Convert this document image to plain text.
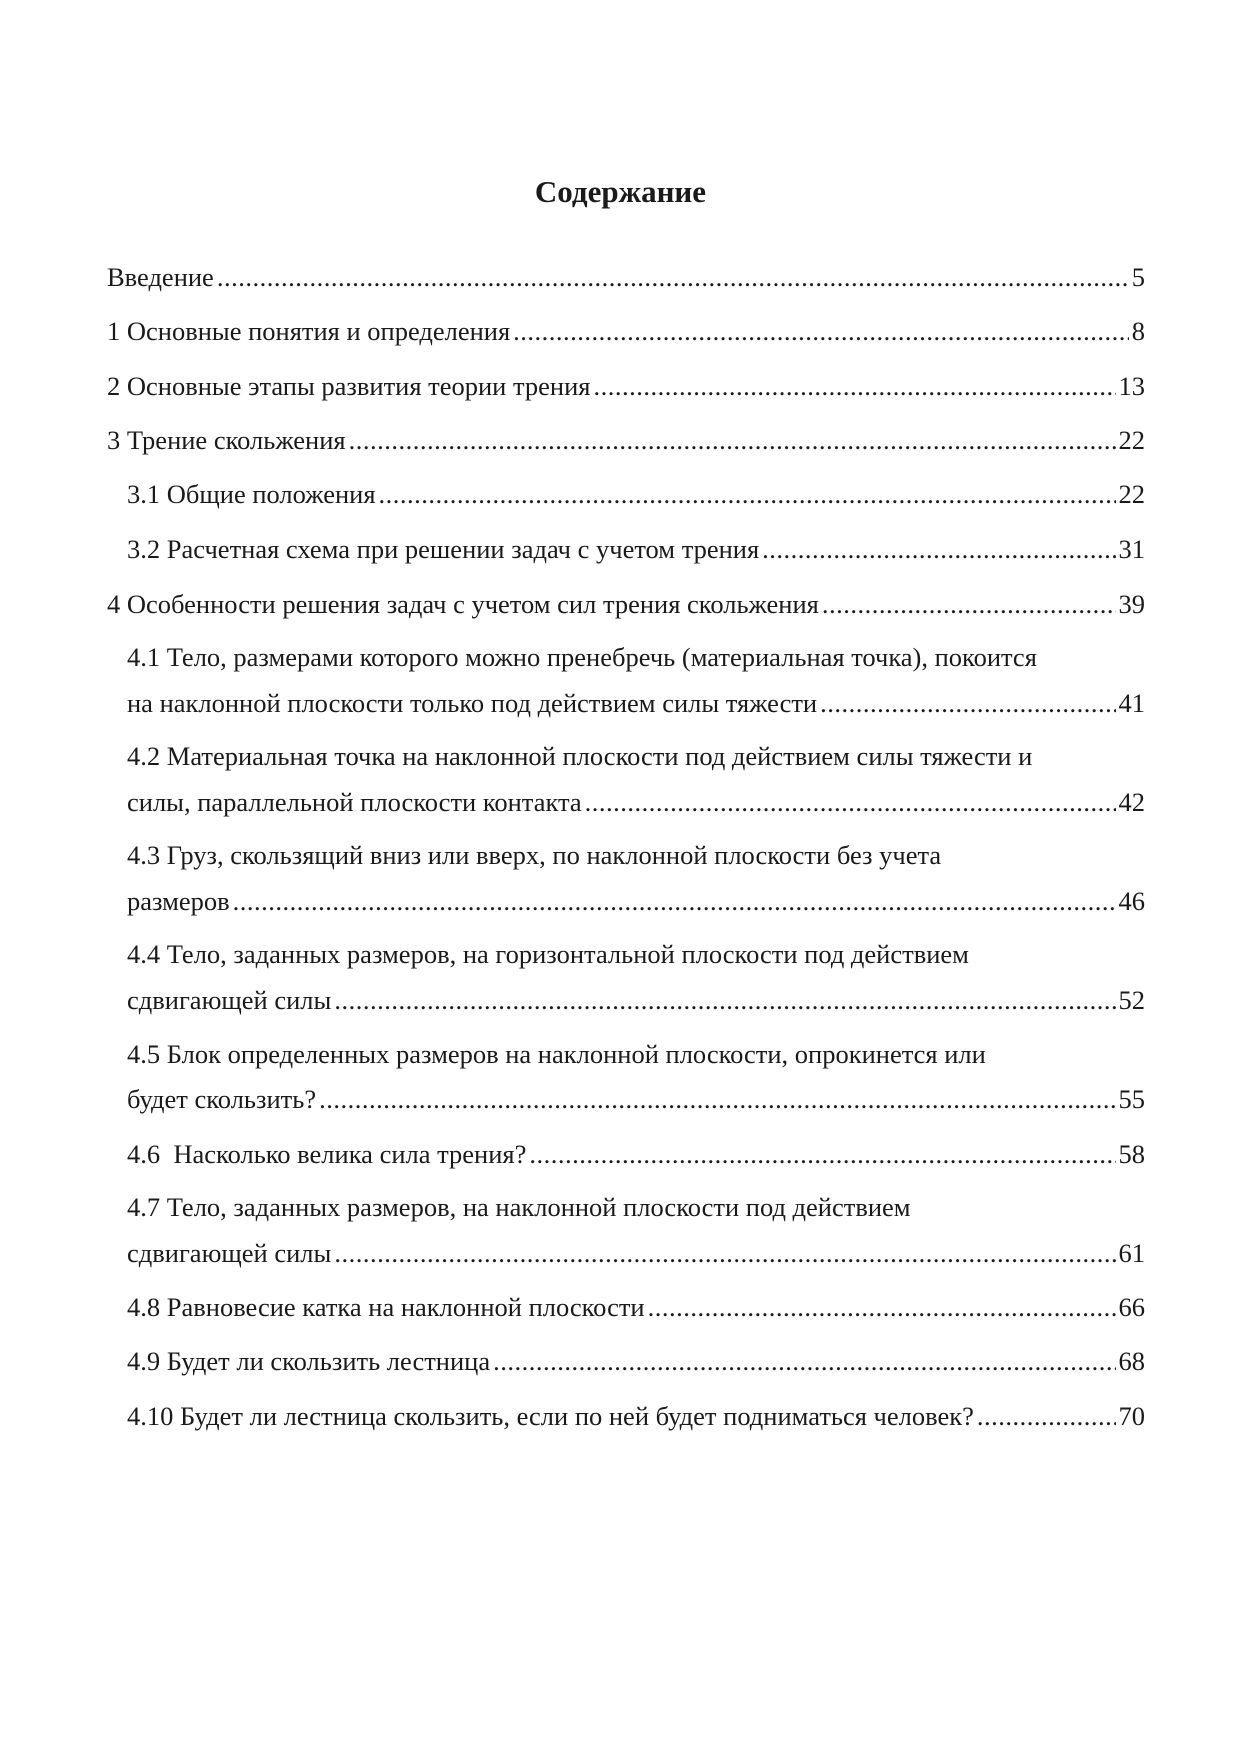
Содержание
Введение .....	5
1 Основные понятия и определения .....	8
2 Основные этапы развития теории трения .....	13
3 Трение скольжения .....	22
3.1 Общие положения .....	22
3.2 Расчетная схема при решении задач с учетом трения .....	31
4 Особенности решения задач с учетом сил трения скольжения .....	39
4.1 Тело, размерами которого можно пренебречь (материальная точка), покоится
на наклонной плоскости только под действием силы тяжести .....	41
4.2 Материальная точка на наклонной плоскости под действием силы тяжести и
силы, параллельной плоскости контакта .....	42
4.3 Груз, скользящий вниз или вверх, по наклонной плоскости без учета
размеров .....	46
4.4 Тело, заданных размеров, на горизонтальной плоскости под действием
сдвигающей силы .....	52
4.5 Блок определенных размеров на наклонной плоскости, опрокинется или
будет скользить? .....	55
4.6  Насколько велика сила трения? .....	58
4.7 Тело, заданных размеров, на наклонной плоскости под действием
сдвигающей силы .....	61
4.8 Равновесие катка на наклонной плоскости .....	66
4.9 Будет ли скользить лестница .....	68
4.10 Будет ли лестница скользить, если по ней будет подниматься человек? .....	70
